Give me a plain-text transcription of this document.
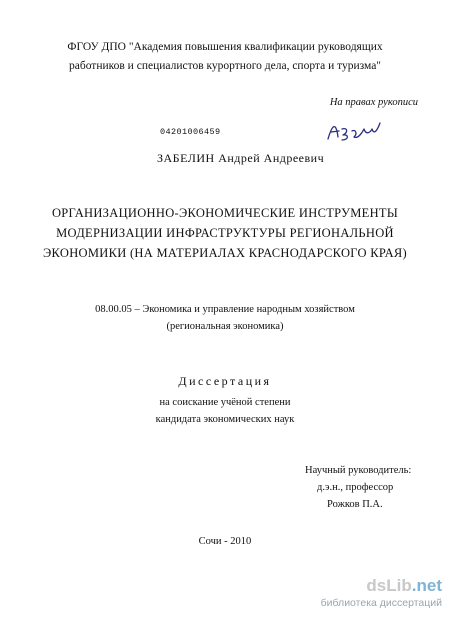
ФГОУ ДПО "Академия повышения квалификации руководящих
работников и специалистов курортного дела, спорта и туризма"
На правах рукописи
04201006459
ЗАБЕЛИН Андрей Андреевич
ОРГАНИЗАЦИОННО-ЭКОНОМИЧЕСКИЕ ИНСТРУМЕНТЫ
МОДЕРНИЗАЦИИ ИНФРАСТРУКТУРЫ РЕГИОНАЛЬНОЙ
ЭКОНОМИКИ (НА МАТЕРИАЛАХ КРАСНОДАРСКОГО КРАЯ)
08.00.05 – Экономика и управление народным хозяйством
(региональная экономика)
Диссертация
на соискание учёной степени
кандидата экономических наук
Научный руководитель:
д.э.н., профессор
Рожков П.А.
Сочи - 2010
dsLib.net
библиотека диссертаций
